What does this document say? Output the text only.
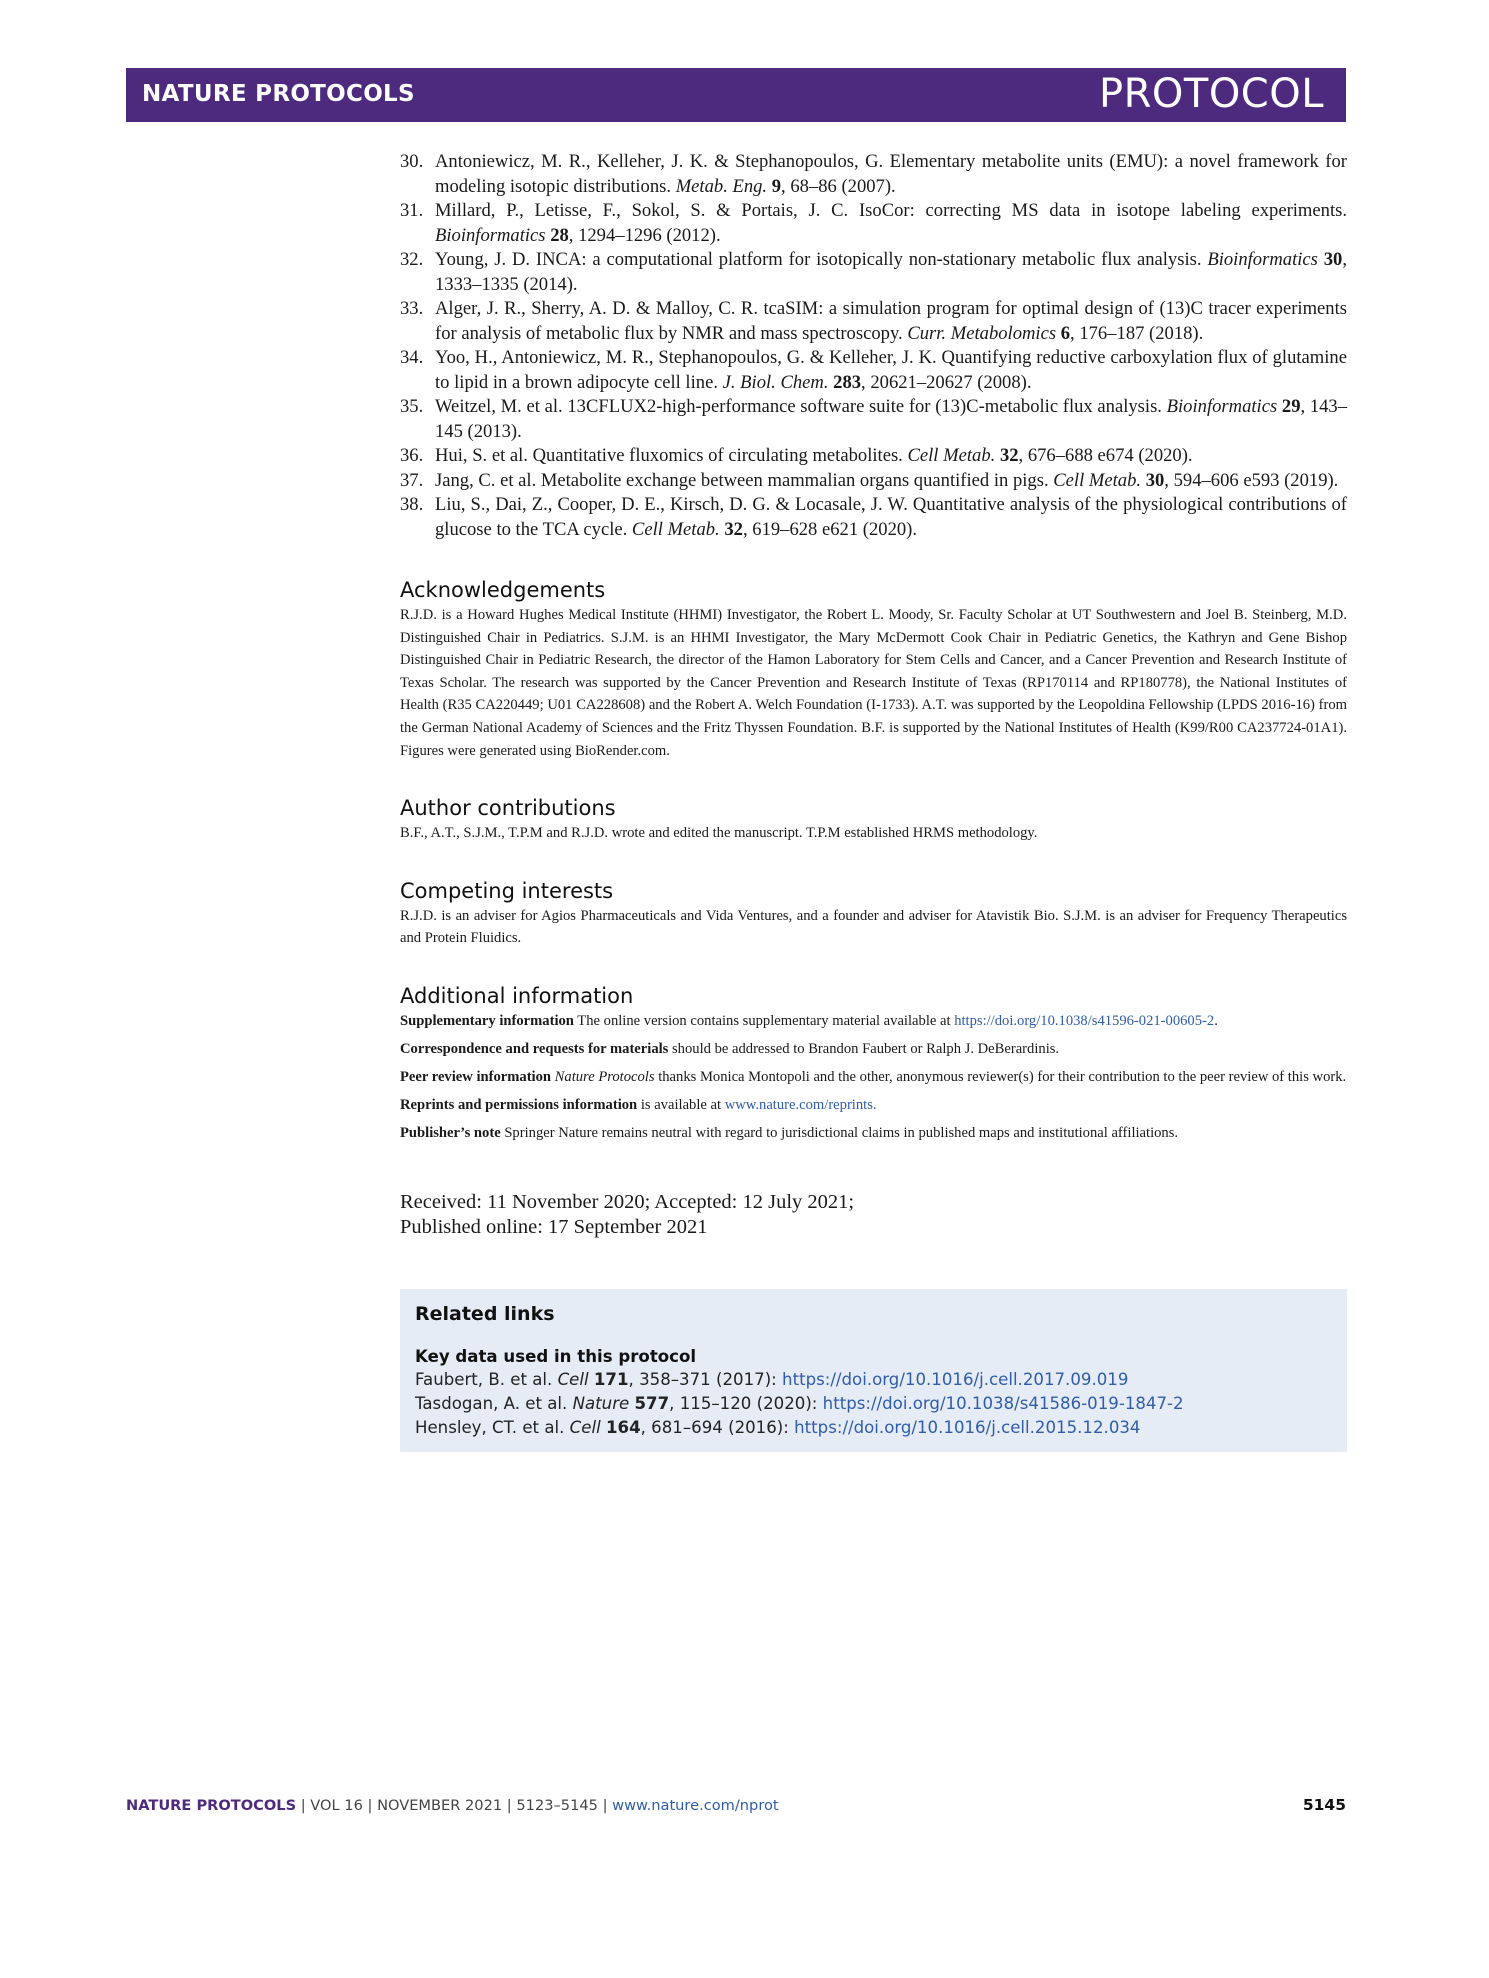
NATURE PROTOCOLS	PROTOCOL
30. Antoniewicz, M. R., Kelleher, J. K. & Stephanopoulos, G. Elementary metabolite units (EMU): a novel framework for modeling isotopic distributions. Metab. Eng. 9, 68–86 (2007).
31. Millard, P., Letisse, F., Sokol, S. & Portais, J. C. IsoCor: correcting MS data in isotope labeling experiments. Bioinformatics 28, 1294–1296 (2012).
32. Young, J. D. INCA: a computational platform for isotopically non-stationary metabolic flux analysis. Bioinformatics 30, 1333–1335 (2014).
33. Alger, J. R., Sherry, A. D. & Malloy, C. R. tcaSIM: a simulation program for optimal design of (13)C tracer experiments for analysis of metabolic flux by NMR and mass spectroscopy. Curr. Metabolomics 6, 176–187 (2018).
34. Yoo, H., Antoniewicz, M. R., Stephanopoulos, G. & Kelleher, J. K. Quantifying reductive carboxylation flux of glutamine to lipid in a brown adipocyte cell line. J. Biol. Chem. 283, 20621–20627 (2008).
35. Weitzel, M. et al. 13CFLUX2-high-performance software suite for (13)C-metabolic flux analysis. Bioinformatics 29, 143–145 (2013).
36. Hui, S. et al. Quantitative fluxomics of circulating metabolites. Cell Metab. 32, 676–688 e674 (2020).
37. Jang, C. et al. Metabolite exchange between mammalian organs quantified in pigs. Cell Metab. 30, 594–606 e593 (2019).
38. Liu, S., Dai, Z., Cooper, D. E., Kirsch, D. G. & Locasale, J. W. Quantitative analysis of the physiological contributions of glucose to the TCA cycle. Cell Metab. 32, 619–628 e621 (2020).
Acknowledgements
R.J.D. is a Howard Hughes Medical Institute (HHMI) Investigator, the Robert L. Moody, Sr. Faculty Scholar at UT Southwestern and Joel B. Steinberg, M.D. Distinguished Chair in Pediatrics. S.J.M. is an HHMI Investigator, the Mary McDermott Cook Chair in Pediatric Genetics, the Kathryn and Gene Bishop Distinguished Chair in Pediatric Research, the director of the Hamon Laboratory for Stem Cells and Cancer, and a Cancer Prevention and Research Institute of Texas Scholar. The research was supported by the Cancer Prevention and Research Institute of Texas (RP170114 and RP180778), the National Institutes of Health (R35 CA220449; U01 CA228608) and the Robert A. Welch Foundation (I-1733). A.T. was supported by the Leopoldina Fellowship (LPDS 2016-16) from the German National Academy of Sciences and the Fritz Thyssen Foundation. B.F. is supported by the National Institutes of Health (K99/R00 CA237724-01A1). Figures were generated using BioRender.com.
Author contributions
B.F., A.T., S.J.M., T.P.M and R.J.D. wrote and edited the manuscript. T.P.M established HRMS methodology.
Competing interests
R.J.D. is an adviser for Agios Pharmaceuticals and Vida Ventures, and a founder and adviser for Atavistik Bio. S.J.M. is an adviser for Frequency Therapeutics and Protein Fluidics.
Additional information
Supplementary information The online version contains supplementary material available at https://doi.org/10.1038/s41596-021-00605-2.
Correspondence and requests for materials should be addressed to Brandon Faubert or Ralph J. DeBerardinis.
Peer review information Nature Protocols thanks Monica Montopoli and the other, anonymous reviewer(s) for their contribution to the peer review of this work.
Reprints and permissions information is available at www.nature.com/reprints.
Publisher’s note Springer Nature remains neutral with regard to jurisdictional claims in published maps and institutional affiliations.
Received: 11 November 2020; Accepted: 12 July 2021;
Published online: 17 September 2021
Related links
Key data used in this protocol
Faubert, B. et al. Cell 171, 358–371 (2017): https://doi.org/10.1016/j.cell.2017.09.019
Tasdogan, A. et al. Nature 577, 115–120 (2020): https://doi.org/10.1038/s41586-019-1847-2
Hensley, CT. et al. Cell 164, 681–694 (2016): https://doi.org/10.1016/j.cell.2015.12.034
NATURE PROTOCOLS | VOL 16 | NOVEMBER 2021 | 5123–5145 | www.nature.com/nprot	5145
